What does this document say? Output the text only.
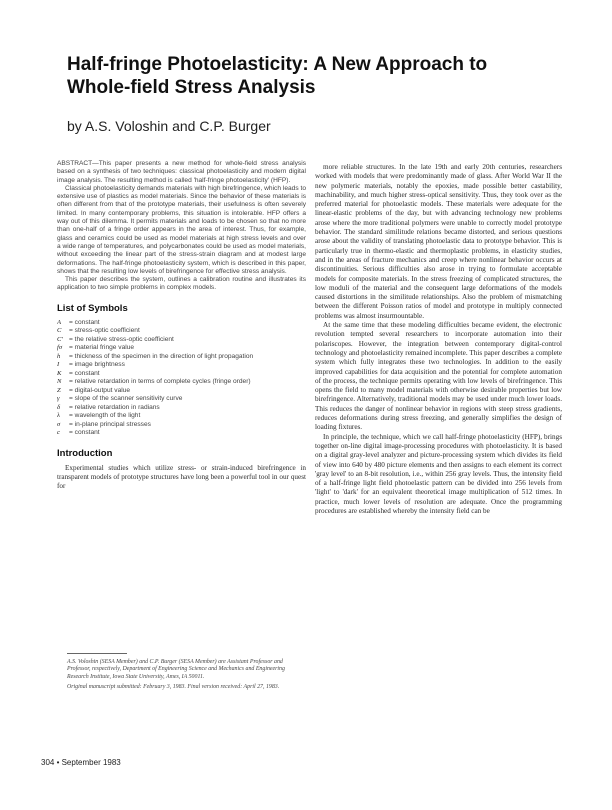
Half-fringe Photoelasticity: A New Approach to Whole-field Stress Analysis
by A.S. Voloshin and C.P. Burger

ABSTRACT—This paper presents a new method for whole-field stress analysis based on a synthesis of two techniques: classical photoelasticity and modern digital image analysis. The resulting method is called 'half-fringe photoelasticity' (HFP).

Classical photoelasticity demands materials with high birefringence, which leads to extensive use of plastics as model materials. Since the behavior of these materials is often different from that of the prototype materials, their usefulness is often severely limited. In many contemporary problems, this situation is intolerable. HFP offers a way out of this dilemma. It permits materials and loads to be chosen so that no more than one-half of a fringe order appears in the area of interest. Thus, for example, glass and ceramics could be used as model materials at high stress levels and over a wide range of temperatures, and polycarbonates could be used as model materials, without exceeding the linear part of the stress-strain diagram and at modest large deformations. The half-fringe photoelasticity system, which is described in this paper, shows that the resulting low levels of birefringence for effective stress analysis.

This paper describes the system, outlines a calibration routine and illustrates its application to two simple problems in complex models.

List of Symbols
A	= constant
C	= stress-optic coefficient
C' = the relative stress-optic coefficient
fσ	= material fringe value
h	= thickness of the specimen in the direction of light propagation
I	= image brightness
K	= constant
N	= relative retardation in terms of complete cycles (fringe order)
Z	= digital-output value
γ	= slope of the scanner sensitivity curve
δ	= relative retardation in radians
λ	= wavelength of the light
σ	= in-plane principal stresses
c	= constant
Introduction

Experimental studies which utilize stress- or strain-induced birefringence in transparent models of prototype structures have long been a powerful tool in our quest for

A.S. Voloshin (SESA Member) and C.P. Burger (SESA Member) are Assistant Professor and Professor, respectively, Department of Engineering Science and Mechanics and Engineering Research Institute, Iowa State University, Ames, IA 50011.

Original manuscript submitted: February 3, 1983. Final version received: April 27, 1983.

more reliable structures. In the late 19th and early 20th centuries, researchers worked with models that were predominantly made of glass. After World War II the new polymeric materials, notably the epoxies, made possible better castability, machinability, and much higher stress-optical sensitivity. Thus, they took over as the preferred material for photoelastic models. These materials were adequate for the linear-elastic problems of the day, but with advancing technology new problems arose where the more traditional polymers were unable to correctly model prototype behavior. The standard similitude relations became distorted, and serious questions arose about the validity of translating photoelastic data to prototype behavior. This is particularly true in thermo-elastic and thermoplastic problems, in elasticity studies, and in the areas of fracture mechanics and creep where nonlinear behavior occurs at discontinuities. Serious difficulties also arose in trying to formulate acceptable models for composite materials. In the stress freezing of complicated structures, the low moduli of the material and the consequent large deformations of the models caused distortions in the similitude relationships. Also the problem of mismatching between the different Poisson ratios of model and prototype in multiply connected problems was almost insurmountable.

At the same time that these modeling difficulties became evident, the electronic revolution tempted several researchers to incorporate automation into their polariscopes. However, the integration between contemporary digital-control technology and photoelasticity remained incomplete. This paper describes a complete system which fully integrates these two technologies. In addition to the easily improved capabilities for data acquisition and the potential for complete automation of the process, the technique permits operating with low levels of birefringence. This opens the field to many model materials with otherwise desirable properties but low birefringence. Alternatively, traditional models may be used under much lower loads. This reduces the danger of nonlinear behavior in regions with steep stress gradients, reduces deformations during stress freezing, and generally simplifies the design of loading fixtures.

In principle, the technique, which we call half-fringe photoelasticity (HFP), brings together on-line digital image-processing procedures with photoelasticity. It is based on a digital gray-level analyzer and picture-processing system which divides its field of view into 640 by 480 picture elements and then assigns to each element its correct 'gray level' to an 8-bit resolution, i.e., within 256 gray levels. Thus, the intensity field of a half-fringe light field photoelastic pattern can be divided into 256 levels from 'light' to 'dark' for an equivalent theoretical image multiplication of 512 times. In practice, much lower levels of resolution are adequate. Once the programming procedures are established whereby the intensity field can be

304 • September 1983
